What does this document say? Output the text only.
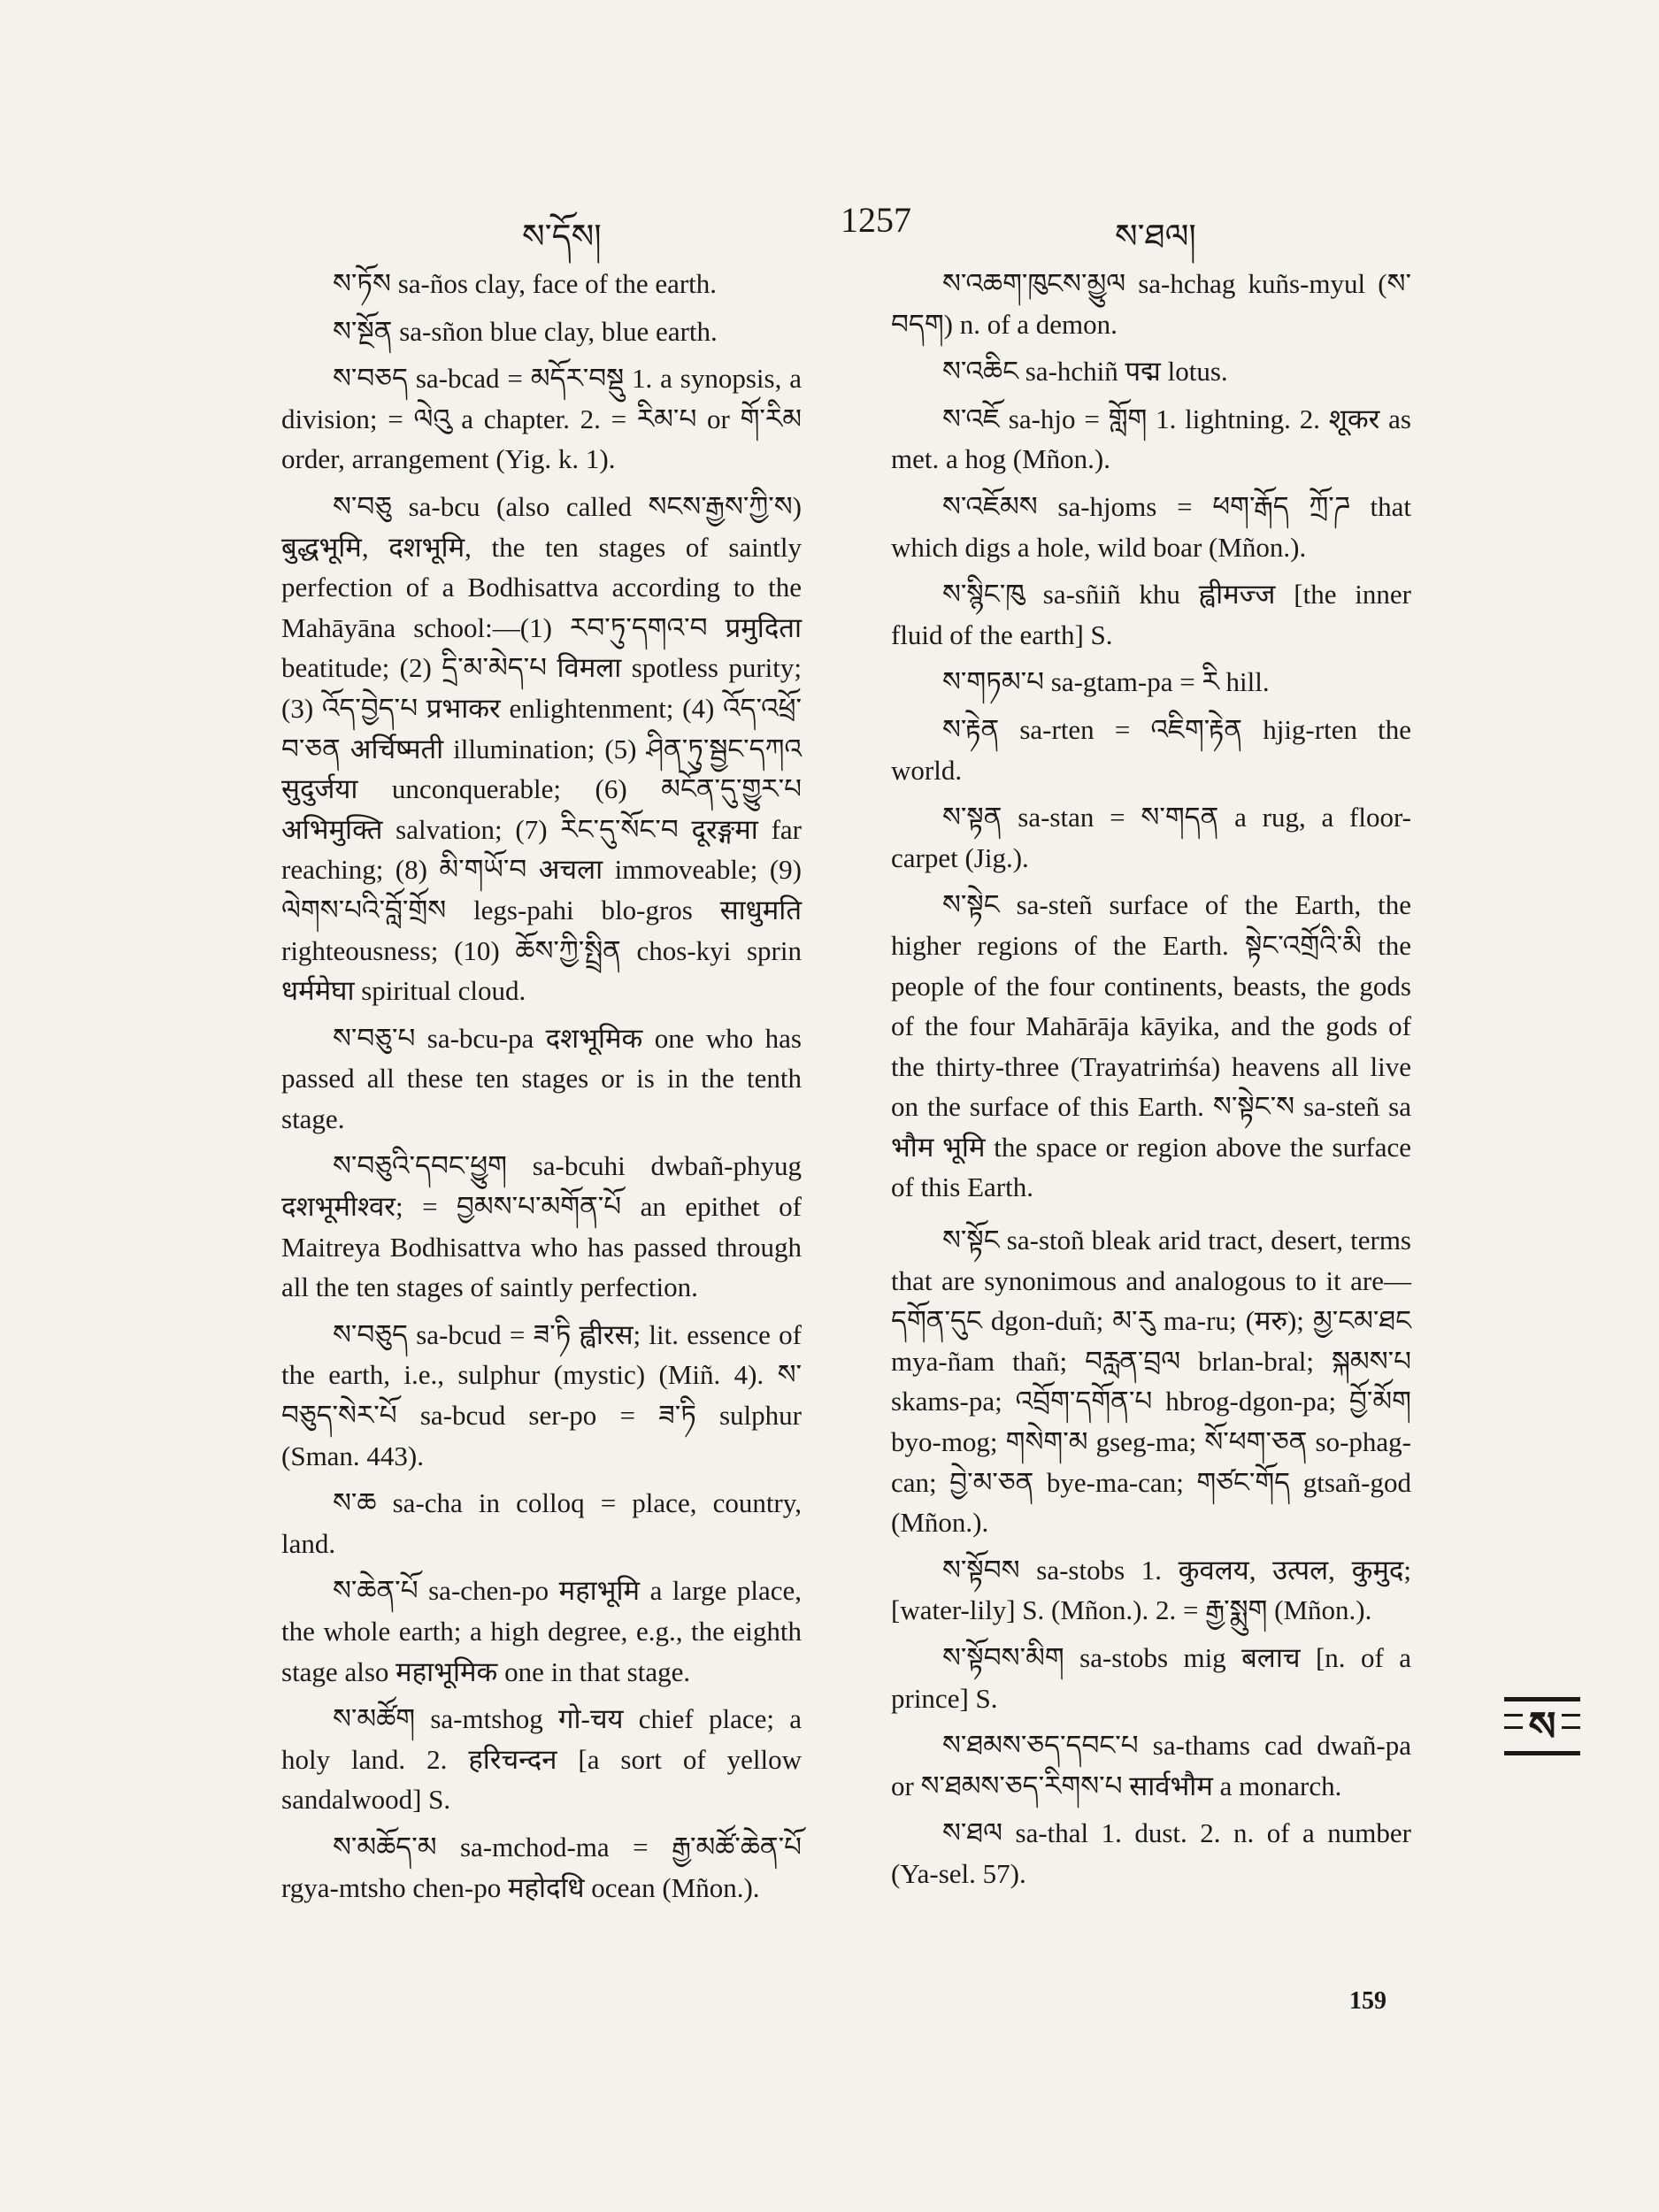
ས་དོས།	1257	ས་ཐལ།

ས་ཏོས sa-ños clay, face of the earth.

ས་སྔོན sa-sñon blue clay, blue earth.

ས་བཅད sa-bcad = མདོར་བསྡུ 1. a synopsis, a division; = ལེའུ a chapter. 2. = རིམ་པ or གོ་རིམ order, arrangement (Yig. k. 1).

ས་བཅུ sa-bcu (also called སངས་རྒྱས་ཀྱི་ས) बुद्धभूमि, दशभूमि, the ten stages of saintly perfection of a Bodhisattva according to the Mahāyāna school:—(1) རབ་ཏུ་དགའ་བ प्रमुदिता beatitude; (2) དྲི་མ་མེད་པ विमला spotless purity; (3) འོད་བྱེད་པ प्रभाकर enlightenment; (4) འོད་འཕྲོ་བ་ཅན अर्चिष्मती illumination; (5) ཤིན་ཏུ་སྦྱང་དཀའ सुदुर्जया unconquerable; (6) མངོན་དུ་གྱུར་པ अभिमुक्ति salvation; (7) རིང་དུ་སོང་བ दूरङ्गमा far reaching; (8) མི་གཡོ་བ अचला immoveable; (9) ལེགས་པའི་བློ་གྲོས legs-pahi blo-gros साधुमति righteousness; (10) ཆོས་ཀྱི་སྤྲིན chos-kyi sprin धर्ममेघा spiritual cloud.

ས་བཅུ་པ sa-bcu-pa दशभूमिक one who has passed all these ten stages or is in the tenth stage.

ས་བཅུའི་དབང་ཕྱུག sa-bcuhi dwbañ-phyug दशभूमीश्वर; = བྱམས་པ་མགོན་པོ an epithet of Maitreya Bodhisattva who has passed through all the ten stages of saintly perfection.

ས་བཅུད sa-bcud = ཟ་ཏི ह्वीरस; lit. essence of the earth, i.e., sulphur (mystic) (Miñ. 4). ས་བཅུད་སེར་པོ sa-bcud ser-po = ཟ་ཏི sulphur (Sman. 443).

ས་ཆ sa-cha in colloq = place, country, land.

ས་ཆེན་པོ sa-chen-po महाभूमि a large place, the whole earth; a high degree, e.g., the eighth stage also महाभूमिक one in that stage.

ས་མཚོག sa-mtshog गो-चय chief place; a holy land. 2. हरिचन्दन [a sort of yellow sandalwood] S.

ས་མཆོད་མ sa-mchod-ma = རྒྱ་མཚོ་ཆེན་པོ rgya-mtsho chen-po महोदधि ocean (Mñon.).

ས་འཆག་ཁུངས་མྱུལ sa-hchag kuñs-myul (ས་བདག) n. of a demon.

ས་འཆིང sa-hchiñ पद्म lotus.

ས་འཇོ sa-hjo = གློག 1. lightning. 2. शूकर as met. a hog (Mñon.).

ས་འཇོམས sa-hjoms = ཕག་རྒོད ཀྲོ་ཌ that which digs a hole, wild boar (Mñon.).

ས་སྙིང་ཁུ sa-sñiñ khu ह्वीमज्ज [the inner fluid of the earth] S.

ས་གཏམ་པ sa-gtam-pa = རི hill.

ས་རྟེན sa-rten = འཇིག་རྟེན hjig-rten the world.

ས་སྟན sa-stan = ས་གདན a rug, a floor-carpet (Jig.).

ས་སྟེང sa-steñ surface of the Earth, the higher regions of the Earth. སྟེང་འགྲོའི་མི the people of the four continents, beasts, the gods of the four Mahārāja kāyika, and the gods of the thirty-three (Trayatriṁśa) heavens all live on the surface of this Earth. ས་སྟེང་ས sa-steñ sa भौम भूमि the space or region above the surface of this Earth.

ས་སྟོང sa-stoñ bleak arid tract, desert, terms that are synonimous and analogous to it are—དགོན་དུང dgon-duñ; མ་རུ ma-ru; (मरु); མྱ་ངམ་ཐང mya-ñam thañ; བརླན་བྲལ brlan-bral; སྐམས་པ skams-pa; འབྲོག་དགོན་པ hbrog-dgon-pa; བྱོ་མོག byo-mog; གསེག་མ gseg-ma; སོ་ཕག་ཅན so-phag-can; བྱེ་མ་ཅན bye-ma-can; གཙང་གོད gtsañ-god (Mñon.).

ས་སྟོབས sa-stobs 1. कुवलय, उत्पल, कुमुद; [water-lily] S. (Mñon.). 2. = རྒྱ་སྨུག (Mñon.).

ས་སྟོབས་མིག sa-stobs mig बलाच [n. of a prince] S.

ས་ཐམས་ཅད་དབང་པ sa-thams cad dwañ-pa or ས་ཐམས་ཅད་རིགས་པ सार्वभौम a monarch.

ས་ཐལ sa-thal 1. dust. 2. n. of a number (Ya-sel. 57).

159
ས
